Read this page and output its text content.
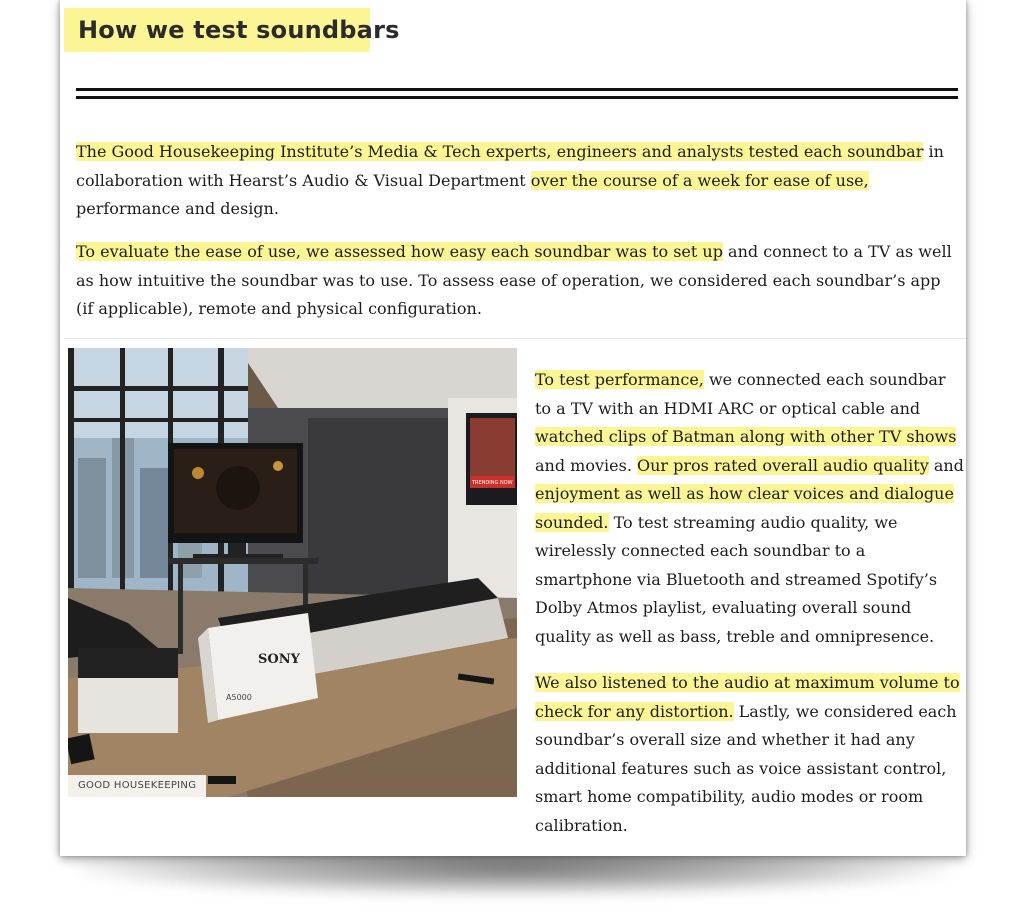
How we test soundbars

The Good Housekeeping Institute’s Media & Tech experts, engineers and analysts tested each soundbar in collaboration with Hearst’s Audio & Visual Department over the course of a week for ease of use, performance and design.

To evaluate the ease of use, we assessed how easy each soundbar was to set up and connect to a TV as well as how intuitive the soundbar was to use. To assess ease of operation, we considered each soundbar’s app (if applicable), remote and physical configuration.

TRENDING NOW
SONY
A5000
GOOD HOUSEKEEPING

To test performance, we connected each soundbar to a TV with an HDMI ARC or optical cable and watched clips of Batman along with other TV shows and movies. Our pros rated overall audio quality and enjoyment as well as how clear voices and dialogue sounded. To test streaming audio quality, we wirelessly connected each soundbar to a smartphone via Bluetooth and streamed Spotify’s Dolby Atmos playlist, evaluating overall sound quality as well as bass, treble and omnipresence.

We also listened to the audio at maximum volume to check for any distortion. Lastly, we considered each soundbar’s overall size and whether it had any additional features such as voice assistant control, smart home compatibility, audio modes or room calibration.
